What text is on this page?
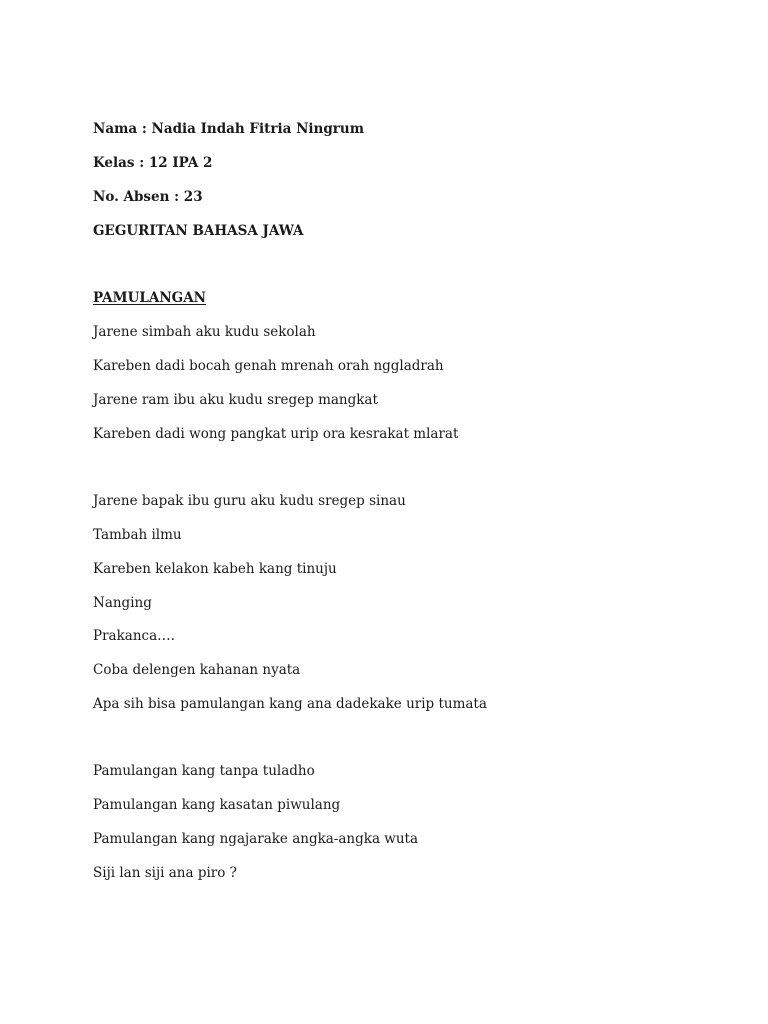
Nama : Nadia Indah Fitria Ningrum
Kelas : 12 IPA 2
No. Absen : 23
GEGURITAN BAHASA JAWA
PAMULANGAN
Jarene simbah aku kudu sekolah
Kareben dadi bocah genah mrenah orah nggladrah
Jarene ram ibu aku kudu sregep mangkat
Kareben dadi wong pangkat urip ora kesrakat mlarat
Jarene bapak ibu guru aku kudu sregep sinau
Tambah ilmu
Kareben kelakon kabeh kang tinuju
Nanging
Prakanca….
Coba delengen kahanan nyata
Apa sih bisa pamulangan kang ana dadekake urip tumata
Pamulangan kang tanpa tuladho
Pamulangan kang kasatan piwulang
Pamulangan kang ngajarake angka-angka wuta
Siji lan siji ana piro ?
